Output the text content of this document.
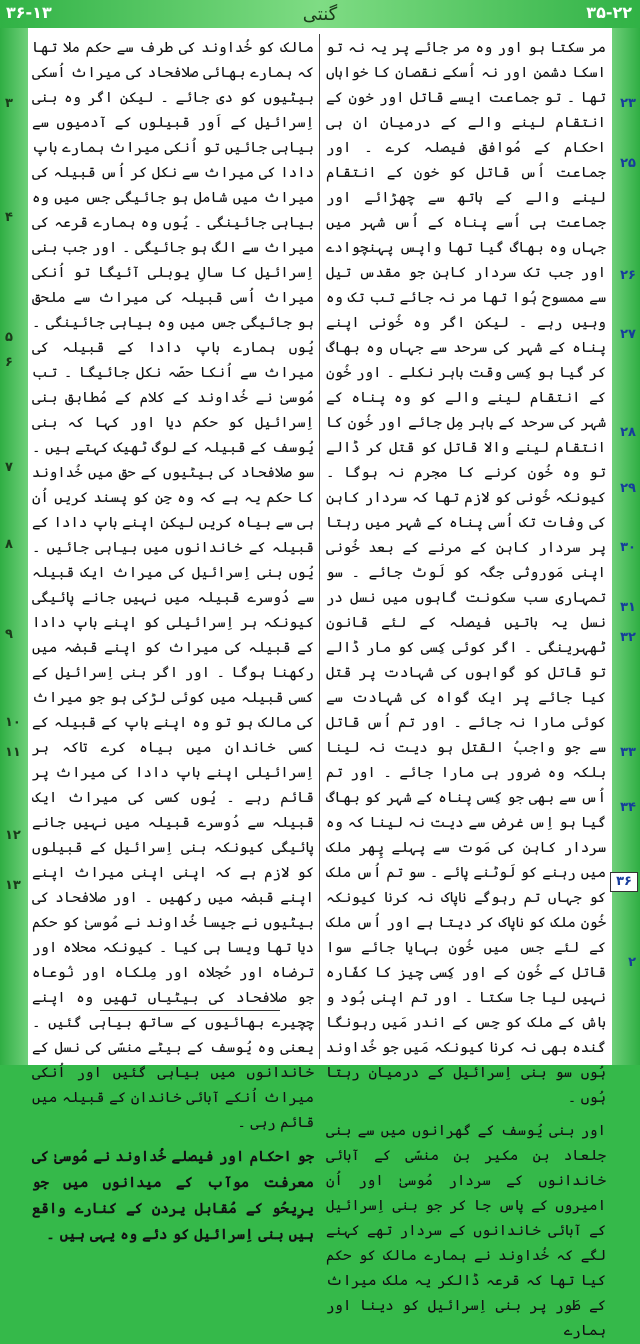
۳۶-۱۳	گنتی	۳۵-۲۲
مر سکتا ہو اور وہ مر جائے پر یہ نہ تو اسکا دشمن اور نہ اُسکے نقصان کا خواہاں تھا ۔ تو جماعت ایسے قاتل اور خون کے انتقام لینے والے کے درمیان ان ہی احکام کے مُوافق فیصلہ کرے ۔ اور جماعت اُس قاتل کو خون کے انتقام لینے والے کے ہاتھ سے چھڑائے اور جماعت ہی اُسے پناہ کے اُس شہر میں جہاں وہ بھاگ گیا تھا واپس پہنچوادے اور جب تک سردار کاہن جو مقدس تیل سے ممسوح ہُوا تھا مر نہ جائے تب تک وہ وہیں رہے ۔ لیکن اگر وہ خُونی اپنے پناہ کے شہر کی سرحد سے جہاں وہ بھاگ کر گیا ہو کِسی وقت باہر نکلے ۔ اور خُون کے انتقام لینے والے کو وہ پناہ کے شہر کی سرحد کے باہر مِل جائے اور خُون کا انتقام لینے والا قاتل کو قتل کر ڈالے تو وہ خُون کرنے کا مجرم نہ ہوگا ۔ کیونکہ خُونی کو لازم تھا کہ سردار کاہن کی وفات تک اُسی پناہ کے شہر میں رہتا پر سردار کاہن کے مرنے کے بعد خُونی اپنی مَوروثی جگہ کو لَوٹ جائے ۔ سو تمہاری سب سکونت گاہوں میں نسل در نسل یہ باتیں فیصلہ کے لئے قانون ٹھہرینگی ۔ اگر کوئی کِسی کو مار ڈالے تو قاتل کو گواہوں کی شہادت پر قتل کیا جائے پر ایک گواہ کی شہادت سے کوئی مارا نہ جائے ۔ اور تم اُس قاتل سے جو واجبُ القتل ہو دیت نہ لینا بلکہ وہ ضرور ہی مارا جائے ۔ اور تم اُس سے بھی جو کِسی پناہ کے شہر کو بھاگ گیا ہو اِس غرض سے دیت نہ لینا کہ وہ سردار کاہن کی مَوت سے پہلے پِھر ملک میں رہنے کو لَوٹنے پائے ۔ سو تم اُس ملک کو جہاں تم رہوگے ناپاک نہ کرنا کیونکہ خُون ملک کو ناپاک کر دیتا ہے اور اُس ملک کے لئے جس میں خُون بہایا جائے سوا قاتل کے خُون کے اور کِسی چیز کا کفّارہ نہیں لیا جا سکتا ۔ اور تم اپنی بُود و باش کے ملک کو جِس کے اندر مَیں رہونگا گندہ بھی نہ کرنا کیونکہ مَیں جو خُداوند ہُوں سو بنی اِسرائیل کے درمیان رہتا ہُوں ۔
اور بنی یُوسف کے گھرانوں میں سے بنی جلعاد بن مکیر بن منسّی کے آبائی خاندانوں کے سردار مُوسیٰ اور اُن امیروں کے پاس جا کر جو بنی اِسرائیل کے آبائی خاندانوں کے سردار تھے کہنے لگے کہ خُداوند نے ہمارے مالک کو حکم کیا تھا کہ قرعہ ڈالکر یہ ملک میراث کے طَور پر بنی اِسرائیل کو دینا اور ہمارے
مالک کو خُداوند کی طرف سے حکم ملا تھا کہ ہمارے بھائی صلافحاد کی میراث اُسکی بیٹیوں کو دی جائے ۔ لیکن اگر وہ بنی اِسرائیل کے اَور قبیلوں کے آدمیوں سے بیاہی جائیں تو اُنکی میراث ہمارے باپ دادا کی میراث سے نکل کر اُس قبیلہ کی میراث میں شامل ہو جائیگی جس میں وہ بیاہی جائینگی ۔ یُوں وہ ہمارے قرعہ کی میراث سے الگ ہو جائیگی ۔ اور جب بنی اِسرائیل کا سالِ یوبلی آئیگا تو اُنکی میراث اُسی قبیلہ کی میراث سے ملحق ہو جائیگی جس میں وہ بیاہی جائینگی ۔ یُوں ہمارے باپ دادا کے قبیلہ کی میراث سے اُنکا حصّہ نکل جائیگا ۔ تب مُوسیٰ نے خُداوند کے کلام کے مُطابق بنی اِسرائیل کو حکم دیا اور کہا کہ بنی یُوسف کے قبیلہ کے لوگ ٹھیک کہتے ہیں ۔ سو صلافحاد کی بیٹیوں کے حق میں خُداوند کا حکم یہ ہے کہ وہ جِن کو پسند کریں اُن ہی سے بیاہ کریں لیکن اپنے باپ دادا کے قبیلہ کے خاندانوں میں بیاہی جائیں ۔ یُوں بنی اِسرائیل کی میراث ایک قبیلہ سے دُوسرے قبیلہ میں نہیں جانے پائیگی کیونکہ ہر اِسرائیلی کو اپنے باپ دادا کے قبیلہ کی میراث کو اپنے قبضہ میں رکھنا ہوگا ۔ اور اگر بنی اِسرائیل کے کسی قبیلہ میں کوئی لڑکی ہو جو میراث کی مالک ہو تو وہ اپنے باپ کے قبیلہ کے کسی خاندان میں بیاہ کرے تاکہ ہر اِسرائیلی اپنے باپ دادا کی میراث پر قائم رہے ۔ یُوں کسی کی میراث ایک قبیلہ سے دُوسرے قبیلہ میں نہیں جانے پائیگی کیونکہ بنی اِسرائیل کے قبیلوں کو لازم ہے کہ اپنی اپنی میراث اپنے اپنے قبضہ میں رکھیں ۔ اور صلافحاد کی بیٹیوں نے جیسا خُداوند نے مُوسیٰ کو حکم دیا تھا ویسا ہی کیا ۔ کیونکہ محلاہ اور ترضاہ اور حُجلاہ اور مِلکاہ اور نُوعاہ جو صلافحاد کی بیٹیاں تھیں وہ اپنے چچیرے بھائیوں کے ساتھ بیاہی گئیں ۔ یعنی وہ یُوسف کے بیٹے منسّی کی نسل کے خاندانوں میں بیاہی گئیں اور اُنکی میراث اُنکے آبائی خاندان کے قبیلہ میں قائم رہی ۔
جو احکام اور فیصلے خُداوند نے مُوسیٰ کی معرفت موآب کے میدانوں میں جو یرِیحُو کے مُقابل یردن کے کنارے واقع ہیں بنی اِسرائیل کو دئے وہ یہی ہیں ۔
۲۳
۲۵
۲۶
۲۷
۲۸
۲۹
۳۰
۳۱
۳۲
۳۳
۳۴
۲
۳
۴
۵
۶
۷
۸
۹
۱۰
۱۱
۱۲
۱۳	۳۶
